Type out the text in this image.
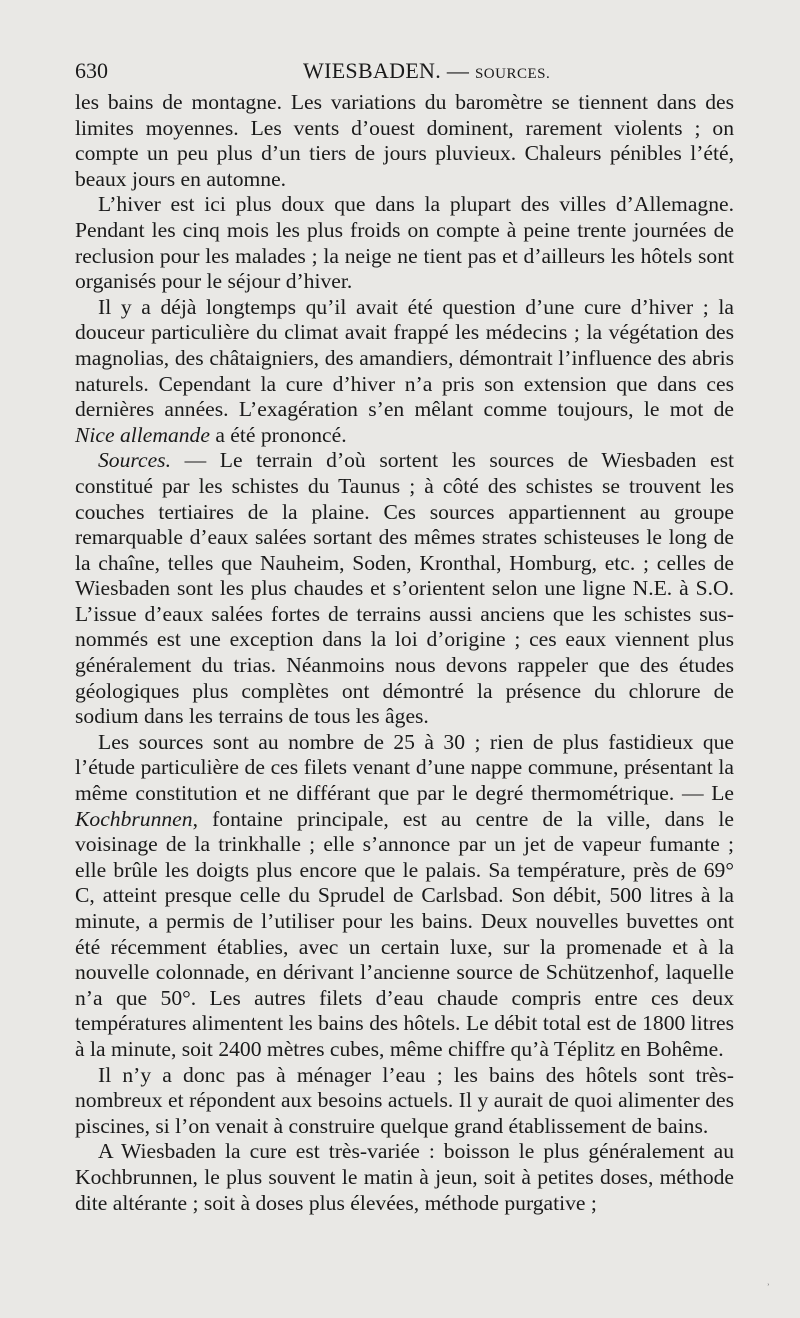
630	WIESBADEN. — SOURCES.

les bains de montagne. Les variations du baromètre se tiennent dans des limites moyennes. Les vents d’ouest dominent, rarement violents ; on compte un peu plus d’un tiers de jours pluvieux. Chaleurs pénibles l’été, beaux jours en automne.

L’hiver est ici plus doux que dans la plupart des villes d’Allemagne. Pendant les cinq mois les plus froids on compte à peine trente journées de reclusion pour les malades ; la neige ne tient pas et d’ailleurs les hôtels sont organisés pour le séjour d’hiver.

Il y a déjà longtemps qu’il avait été question d’une cure d’hiver ; la douceur particulière du climat avait frappé les médecins ; la végétation des magnolias, des châtaigniers, des amandiers, démontrait l’influence des abris naturels. Cependant la cure d’hiver n’a pris son extension que dans ces dernières années. L’exagération s’en mêlant comme toujours, le mot de Nice allemande a été prononcé.

Sources. — Le terrain d’où sortent les sources de Wiesbaden est constitué par les schistes du Taunus ; à côté des schistes se trouvent les couches tertiaires de la plaine. Ces sources appartiennent au groupe remarquable d’eaux salées sortant des mêmes strates schisteuses le long de la chaîne, telles que Nauheim, Soden, Kronthal, Homburg, etc. ; celles de Wiesbaden sont les plus chaudes et s’orientent selon une ligne N.E. à S.O. L’issue d’eaux salées fortes de terrains aussi anciens que les schistes sus-nommés est une exception dans la loi d’origine ; ces eaux viennent plus généralement du trias. Néanmoins nous devons rappeler que des études géologiques plus complètes ont démontré la présence du chlorure de sodium dans les terrains de tous les âges.

Les sources sont au nombre de 25 à 30 ; rien de plus fastidieux que l’étude particulière de ces filets venant d’une nappe commune, présentant la même constitution et ne différant que par le degré thermométrique. — Le Kochbrunnen, fontaine principale, est au centre de la ville, dans le voisinage de la trinkhalle ; elle s’annonce par un jet de vapeur fumante ; elle brûle les doigts plus encore que le palais. Sa température, près de 69° C, atteint presque celle du Sprudel de Carlsbad. Son débit, 500 litres à la minute, a permis de l’utiliser pour les bains. Deux nouvelles buvettes ont été récemment établies, avec un certain luxe, sur la promenade et à la nouvelle colonnade, en dérivant l’ancienne source de Schützenhof, laquelle n’a que 50°. Les autres filets d’eau chaude compris entre ces deux températures alimentent les bains des hôtels. Le débit total est de 1800 litres à la minute, soit 2400 mètres cubes, même chiffre qu’à Téplitz en Bohême.

Il n’y a donc pas à ménager l’eau ; les bains des hôtels sont très-nombreux et répondent aux besoins actuels. Il y aurait de quoi alimenter des piscines, si l’on venait à construire quelque grand établissement de bains.

A Wiesbaden la cure est très-variée : boisson le plus généralement au Kochbrunnen, le plus souvent le matin à jeun, soit à petites doses, méthode dite altérante ; soit à doses plus élevées, méthode purgative ;

ʾ
